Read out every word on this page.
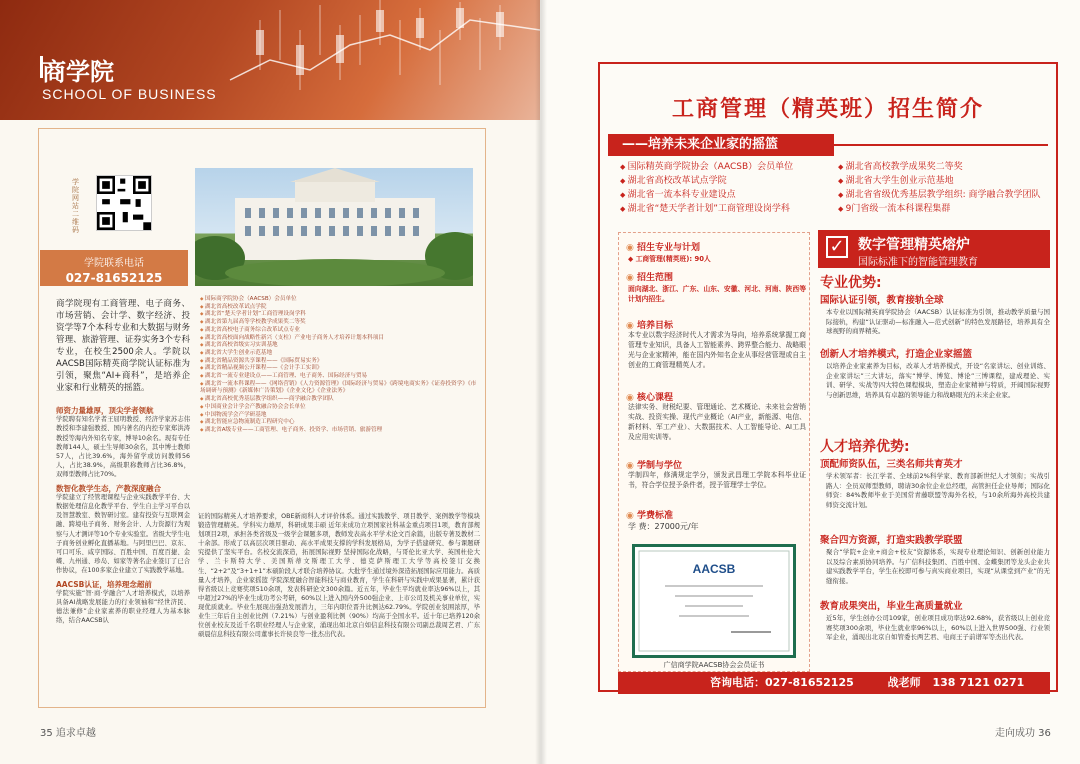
商学院
SCHOOL OF BUSINESS
学院网站二维码
学院联系电话
027-81652125
商学院现有工商管理、电子商务、市场营销、会计学、数字经济、投资学等7个本科专业和大数据与财务管理、旅游管理、证券实务3个专科专业，在校生2500余人。学院以AACSB国际精英商学院认证标准为引领，聚焦“AI+商科”，是培养企业家和行业精英的摇篮。
◆ 国际商学院协会（AACSB）会员单位
◆ 湖北省高校改革试点学院
◆ 湖北省“楚天学者计划”工商管理设岗学科
◆ 湖北省第九届高等学校教学成果奖二等奖
◆ 湖北省高校电子商务综合改革试点专业
◆ 湖北省高校面向战略性新兴（支柱）产业电子商务人才培养计划本科项目
◆ 湖北省高校省级实习实训基地
◆ 湖北省大学生创业示范基地
◆ 湖北省精品资源共享课程——《国际贸易实务》
◆ 湖北省精品视频公开课程——《会计手工实训》
◆ 湖北省一流专业建设点——工商管理、电子商务、国际经济与贸易
◆ 湖北省一流本科课程——《网络营销》《人力资源管理》《国际经济与贸易》《跨境电商实务》《证券投资学》《市场调研与预测》《新媒体广告策划》《企业文化》《企业法务》
◆ 湖北省高校优秀基层教学组织——商学融合教学团队
◆ 中国商业会计学会产教融合协会会长单位
◆ 中国物流学会产学研基地
◆ 湖北智能应急物流制造工程研究中心
◆ 湖北省A级专业——工商管理、电子商务、投资学、市场营销、旅游管理
师资力量雄厚，顶尖学者领航
学院聘有知名学者王屈明教授、经济学家苏志伟教授和李建强教授、国内著名的内控专家郑洪涛教授等海内外知名专家，博导10余名。现有专任教师144人，硕士生导师30余名，其中博士教师57人，占比39.6%，海外留学或访问教师56人，占比38.9%，高级职称教师占比36.8%，双师型教师占比70%。
数智化教学生态，产教深度融合
学院建立了经管理课程与企业实践教学平台、大数据处理信息化教学平台、学生自主学习平台以及智慧教室、数智研讨室。建有投资与互联网金融、跨境电子商务、财务会计、人力资源行为观察与人才测评等10个专业实验室。省级大学生电子商务创业孵化直播基地。与阿里巴巴、京东、可口可乐、咸亨国际、百胜中国、百度百捷、金蝶、九州通、珍岛、如家等著名企业签订了已合作协议，在100多家企业建立了实践教学基地。
AACSB认证，培养理念超前
学院实施“智·商·学融合”人才培养模式，以培养具备AI战略发展能力的行业领袖和“经世济民、德法兼修”企业家素养的职业经理人为基本脉络，结合AACSB认
证的国际精英人才培养要求，OBE新商科人才评价体系。通过实践教学、项目教学、案例教学等模块锻造管理精英。学科实力雄厚，科研成果丰硕 近年来成功立项国家社科基金重点项目1项，教育部规划项目2项，承担各类省级及一级学会课题多项，教师发表高水平学术论文百余篇，出版专著及教材二十余部。形成了以高层次项目驱动、高水平成果支撑的学科发展格局，为学子搭建研究、参与课题研究提供了坚实平台。名校交流深造，拓展国际视野 坚持国际化战略，与哥伦比亚大学、英国杜伦大学、兰卡斯特大学、美国斯蒂文斯理工大学、德克萨斯理工大学等高校签订交换生、“2+2”及“3+1+1”本硕阶段人才联合培养协议。大批学生通过境外深造拓展国际应用能力。高质量人才培养，企业家摇篮 学院深度融合智能科技与商业教育，学生在科研与实践中成果显著，累计获得省级以上竞赛奖项510余项，发表科研论文300余篇。近五年，毕业生平均就业率达96%以上，其中超过27%的毕业生成功考公考研，60%以上进入国内外500强企业、上市公司及机关事业单位，实现优质就业。毕业生展现出强劲发展潜力，三年内职位晋升比例达62.79%。学院创业氛围浓厚，毕业生三年后自主创业比例（7.21%）与创业盈利比例（90%）均高于全国水平。近十年已培养120余位创业校友及近千名职业经理人与企业家，涌现出如北京自如信息科技有限公司副总裁周艺君、广东硕晨信息科技有限公司董事长许侯良等一批杰出代表。
35 追求卓越
工商管理（精英班）招生简介
——培养未来企业家的摇篮
◆ 国际精英商学院协会（AACSB）会员单位
◆ 湖北省高校改革试点学院
◆ 湖北省一流本科专业建设点
◆ 湖北省“楚天学者计划”工商管理设岗学科
◆ 湖北省高校教学成果奖二等奖
◆ 湖北省大学生创业示范基地
◆ 湖北省省级优秀基层教学组织: 商学融合教学团队
◆ 9门省级一流本科课程集群
◉ 招生专业与计划
◆ 工商管理(精英班): 90人
◉ 招生范围
面向湖北、浙江、广东、山东、安徽、河北、河南、陕西等计划内招生。
◉ 培养目标
本专业以数字经济时代人才需求为导向，培养系统掌握工商管理专业知识，具备人工智能素养、跨界整合能力、战略眼光与企业家精神，能在国内外知名企业从事经营管理或自主创业的工商管理精英人才。
◉ 核心课程
法律实务、财税纪要、管理通论、艺术概论、未来社会营销实战、投资实操、现代产业概论（AI产业，新能源、电信、新材料、军工产业）、大数据技术、人工智能导论、AI工具及应用实训等。
◉ 学制与学位
学制四年，修满规定学分，颁发武昌理工学院本科毕业证书，符合学位授予条件者，授予管理学士学位。
◉ 学费标准
学 费：27000元/年
AACSB
广信商学院AACSB协会会员证书
✓ 数字管理精英熔炉
国际标准下的智能管理教育
专业优势:
国际认证引领，教育接轨全球
本专业以国际精英商学院协会（AACSB）认证标准为引领，推动教学质量与国际接轨，构建“认证驱动—标准融入—范式创新”的特色发展路径，培养具有全球视野的商界精英。
创新人才培养模式，打造企业家摇篮
以培养企业家素养为目标，改革人才培养模式，开设“名家讲坛、创业训练、企业家讲坛”三大讲坛，落实“博学、博览、博论”三博课程，建成理论、实训、研学、实战等四大特色课程模块，塑造企业家精神与特质，开阔国际视野与创新思维，培养具有卓越的领导能力和战略眼光的未来企业家。
人才培养优势:
顶配师资队伍，三类名师共育英才
学术领军者：长江学者、全球前2%科学家、教育部新世纪人才领衔；实战引路人：全员双师型教师，聘请30余位企业总经理，高管担任企业导师；国际化师资：84%教师毕业于美国常青藤联盟等海外名校，与10余所海外高校共建师资交流计划。
聚合四方资源，打造实践教学联盟
聚合“学院+企业+商会+校友”资源体系，实现专业理论知识、创新创业能力以及综合素质协同培养。与广信科技集团、百胜中国、金蝶集团等龙头企业共建实践教学平台，学生在校即可参与真实商业项目，实现“从课堂到产业”的无缝衔接。
教育成果突出，毕业生高质量就业
近5年，学生创办公司109家，创业项目成功率达92.68%，获省级以上创业竞赛奖项300余项，毕业生就业率96%以上，60%以上进入世界500强、行业领军企业，涌现出北京自如管委长两艺君、电商王子前谱军等杰出代表。
咨询电话：027-81652125	战老师 138 7121 0271
走向成功 36
